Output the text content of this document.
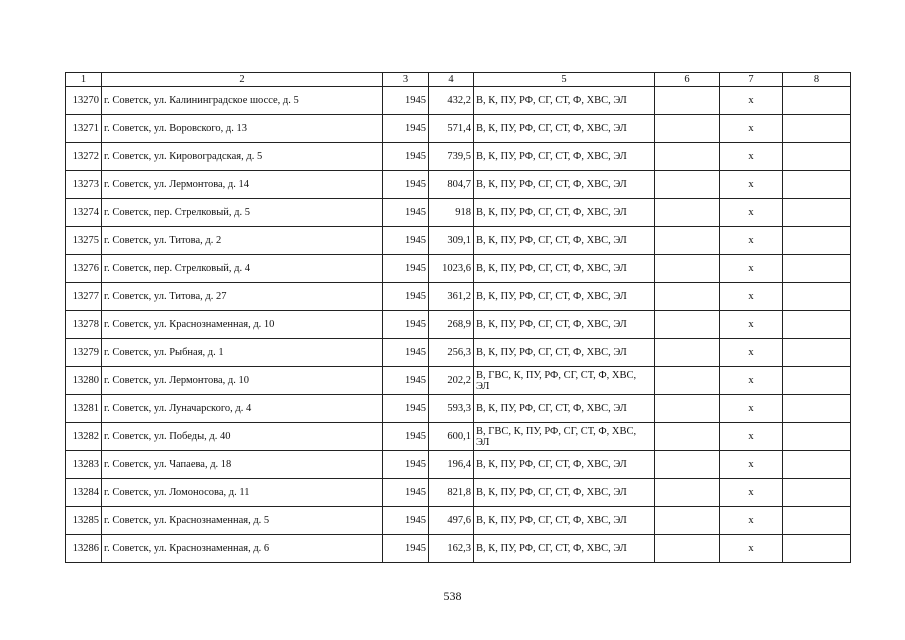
1	2	3	4	5	6	7	8
13270	г. Советск, ул. Калининградское шоссе, д. 5	1945	432,2	В, К, ПУ, РФ, СГ, СТ, Ф, ХВС, ЭЛ		х	
13271	г. Советск, ул. Воровского, д. 13	1945	571,4	В, К, ПУ, РФ, СГ, СТ, Ф, ХВС, ЭЛ		х	
13272	г. Советск, ул. Кировоградская, д. 5	1945	739,5	В, К, ПУ, РФ, СГ, СТ, Ф, ХВС, ЭЛ		х	
13273	г. Советск, ул. Лермонтова, д. 14	1945	804,7	В, К, ПУ, РФ, СГ, СТ, Ф, ХВС, ЭЛ		х	
13274	г. Советск, пер. Стрелковый, д. 5	1945	918	В, К, ПУ, РФ, СГ, СТ, Ф, ХВС, ЭЛ		х	
13275	г. Советск, ул. Титова, д. 2	1945	309,1	В, К, ПУ, РФ, СГ, СТ, Ф, ХВС, ЭЛ		х	
13276	г. Советск, пер. Стрелковый, д. 4	1945	1023,6	В, К, ПУ, РФ, СГ, СТ, Ф, ХВС, ЭЛ		х	
13277	г. Советск, ул. Титова, д. 27	1945	361,2	В, К, ПУ, РФ, СГ, СТ, Ф, ХВС, ЭЛ		х	
13278	г. Советск, ул. Краснознаменная, д. 10	1945	268,9	В, К, ПУ, РФ, СГ, СТ, Ф, ХВС, ЭЛ		х	
13279	г. Советск, ул. Рыбная, д. 1	1945	256,3	В, К, ПУ, РФ, СГ, СТ, Ф, ХВС, ЭЛ		х	
13280	г. Советск, ул. Лермонтова, д. 10	1945	202,2	В, ГВС, К, ПУ, РФ, СГ, СТ, Ф, ХВС, ЭЛ		х	
13281	г. Советск, ул. Луначарского, д. 4	1945	593,3	В, К, ПУ, РФ, СГ, СТ, Ф, ХВС, ЭЛ		х	
13282	г. Советск, ул. Победы, д. 40	1945	600,1	В, ГВС, К, ПУ, РФ, СГ, СТ, Ф, ХВС, ЭЛ		х	
13283	г. Советск, ул. Чапаева, д. 18	1945	196,4	В, К, ПУ, РФ, СГ, СТ, Ф, ХВС, ЭЛ		х	
13284	г. Советск, ул. Ломоносова, д. 11	1945	821,8	В, К, ПУ, РФ, СГ, СТ, Ф, ХВС, ЭЛ		х	
13285	г. Советск, ул. Краснознаменная, д. 5	1945	497,6	В, К, ПУ, РФ, СГ, СТ, Ф, ХВС, ЭЛ		х	
13286	г. Советск, ул. Краснознаменная, д. 6	1945	162,3	В, К, ПУ, РФ, СГ, СТ, Ф, ХВС, ЭЛ		х	
538
